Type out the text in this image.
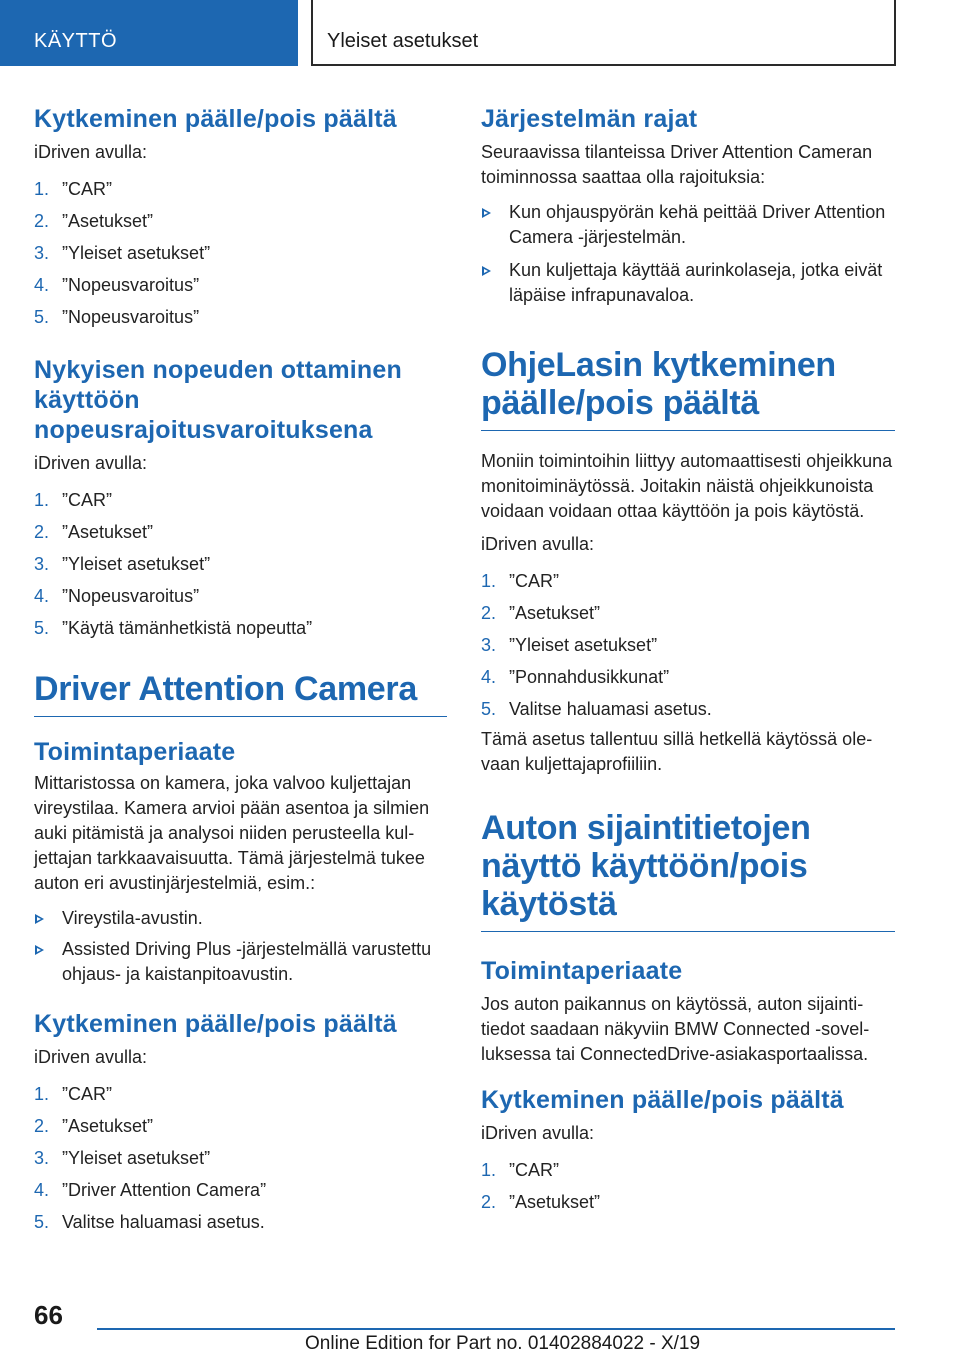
KÄYTTÖ	Yleiset asetukset
Kytkeminen päälle/pois päältä

iDriven avulla:

1. ”CAR”
2. ”Asetukset”
3. ”Yleiset asetukset”
4. ”Nopeusvaroitus”
5. ”Nopeusvaroitus”
Nykyisen nopeuden ottaminen käyttöön nopeusrajoitusvaroituksena

iDriven avulla:

1. ”CAR”
2. ”Asetukset”
3. ”Yleiset asetukset”
4. ”Nopeusvaroitus”
5. ”Käytä tämänhetkistä nopeutta”
Driver Attention Camera
Toimintaperiaate

Mittaristossa on kamera, joka valvoo kuljettajan vireystilaa. Kamera arvioi pään asentoa ja silmien auki pitämistä ja analysoi niiden perusteella kuljettajan tarkkaavaisuutta. Tämä järjestelmä tukee auton eri avustinjärjestelmiä, esim.:

Vireystila-avustin.
Assisted Driving Plus -järjestelmällä varustettu ohjaus- ja kaistanpitoavustin.
Kytkeminen päälle/pois päältä

iDriven avulla:

1. ”CAR”
2. ”Asetukset”
3. ”Yleiset asetukset”
4. ”Driver Attention Camera”
5. Valitse haluamasi asetus.
Järjestelmän rajat

Seuraavissa tilanteissa Driver Attention Cameran toiminnossa saattaa olla rajoituksia:

Kun ohjauspyörän kehä peittää Driver Attention Camera -järjestelmän.
Kun kuljettaja käyttää aurinkolaseja, jotka eivät läpäise infrapunavaloa.
OhjeLasin kytkeminen päälle/pois päältä

Moniin toimintoihin liittyy automaattisesti ohjeikkuna monitoiminäytössä. Joitakin näistä ohjeikkunoista voidaan voidaan ottaa käyttöön ja pois käytöstä.

iDriven avulla:

1. ”CAR”
2. ”Asetukset”
3. ”Yleiset asetukset”
4. ”Ponnahdusikkunat”
5. Valitse haluamasi asetus.

Tämä asetus tallentuu sillä hetkellä käytössä olevaan kuljettajaprofiiliin.

Auton sijaintitietojen näyttö käyttöön/pois käytöstä
Toimintaperiaate

Jos auton paikannus on käytössä, auton sijaintitiedot saadaan näkyviin BMW Connected -sovelluksessa tai ConnectedDrive-asiakasportaalissa.

Kytkeminen päälle/pois päältä

iDriven avulla:

1. ”CAR”
2. ”Asetukset”
66
Online Edition for Part no. 01402884022 - X/19
